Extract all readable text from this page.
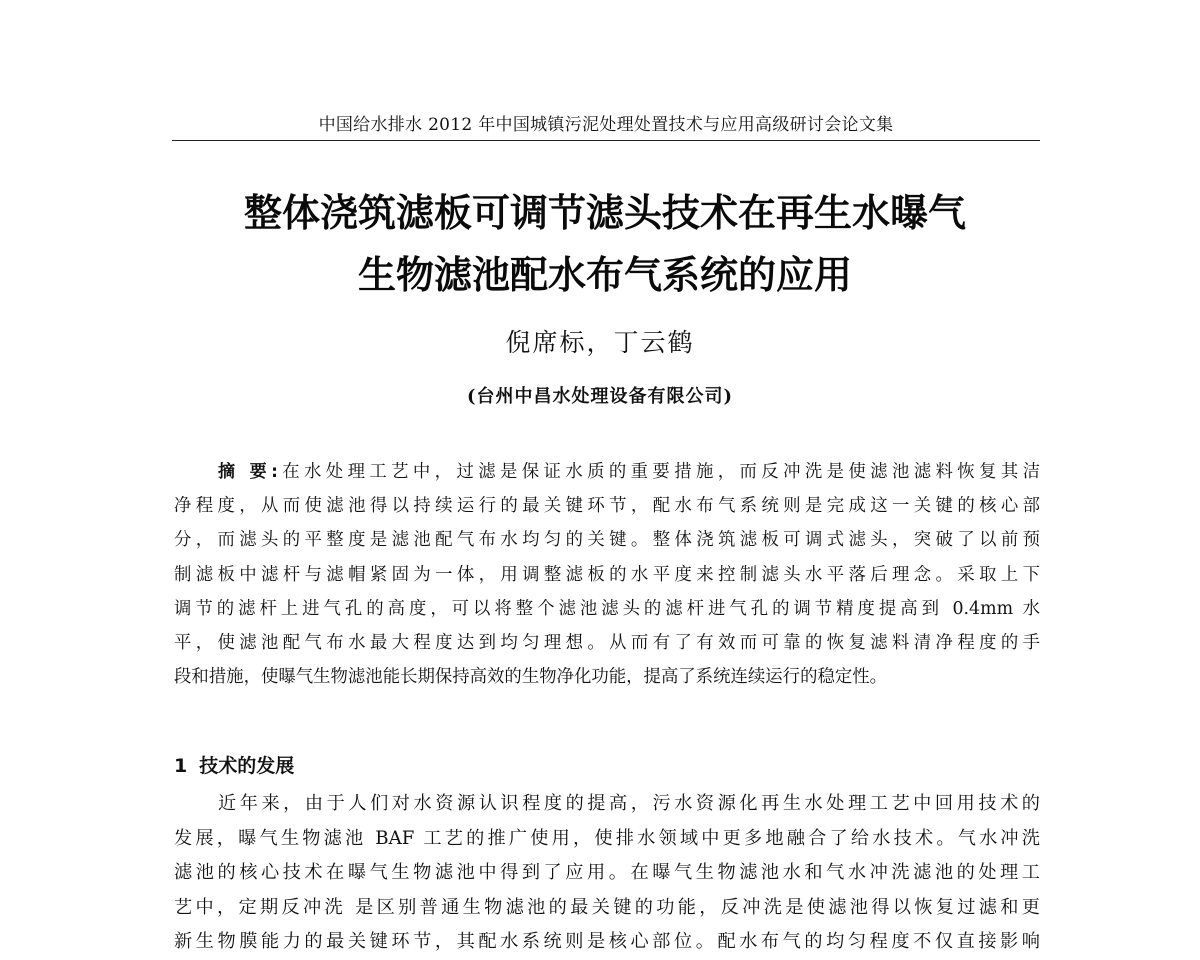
中国给水排水 2012 年中国城镇污泥处理处置技术与应用高级研讨会论文集
整体浇筑滤板可调节滤头技术在再生水曝气
生物滤池配水布气系统的应用
倪席标，丁云鹤
(台州中昌水处理设备有限公司)
摘 要:在水处理工艺中，过滤是保证水质的重要措施，而反冲洗是使滤池滤料恢复其洁
净程度，从而使滤池得以持续运行的最关键环节，配水布气系统则是完成这一关键的核心部
分，而滤头的平整度是滤池配气布水均匀的关键。整体浇筑滤板可调式滤头，突破了以前预
制滤板中滤杆与滤帽紧固为一体，用调整滤板的水平度来控制滤头水平落后理念。采取上下
调节的滤杆上进气孔的高度，可以将整个滤池滤头的滤杆进气孔的调节精度提高到 0.4mm 水
平，使滤池配气布水最大程度达到均匀理想。从而有了有效而可靠的恢复滤料清净程度的手
段和措施，使曝气生物滤池能长期保持高效的生物净化功能，提高了系统连续运行的稳定性。
1 技术的发展
近年来，由于人们对水资源认识程度的提高，污水资源化再生水处理工艺中回用技术的
发展，曝气生物滤池 BAF 工艺的推广使用，使排水领域中更多地融合了给水技术。气水冲洗
滤池的核心技术在曝气生物滤池中得到了应用。在曝气生物滤池水和气水冲洗滤池的处理工
艺中，定期反冲洗 是区别普通生物滤池的最关键的功能，反冲洗是使滤池得以恢复过滤和更
新生物膜能力的最关键环节，其配水系统则是核心部位。配水布气的均匀程度不仅直接影响
